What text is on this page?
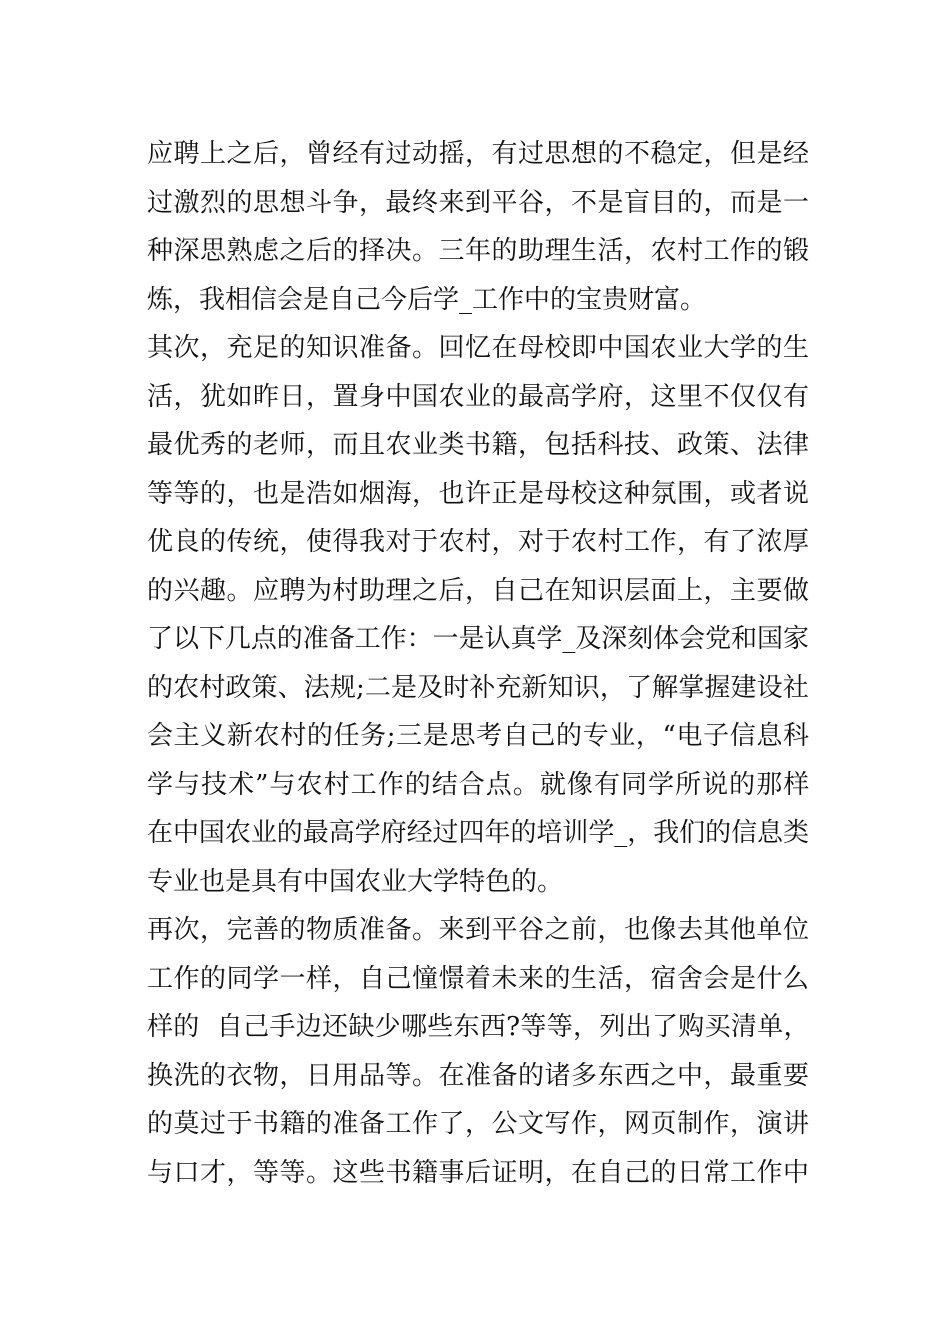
应聘上之后，曾经有过动摇，有过思想的不稳定，但是经
过激烈的思想斗争，最终来到平谷，不是盲目的，而是一
种深思熟虑之后的择决。三年的助理生活，农村工作的锻
炼，我相信会是自己今后学_工作中的宝贵财富。
其次，充足的知识准备。回忆在母校即中国农业大学的生
活，犹如昨日，置身中国农业的最高学府，这里不仅仅有
最优秀的老师，而且农业类书籍，包括科技、政策、法律
等等的，也是浩如烟海，也许正是母校这种氛围，或者说
优良的传统，使得我对于农村，对于农村工作，有了浓厚
的兴趣。应聘为村助理之后，自己在知识层面上，主要做
了以下几点的准备工作：一是认真学_及深刻体会党和国家
的农村政策、法规;二是及时补充新知识，了解掌握建设社
会主义新农村的任务;三是思考自己的专业，“电子信息科
学与技术”与农村工作的结合点。就像有同学所说的那样
在中国农业的最高学府经过四年的培训学_，我们的信息类
专业也是具有中国农业大学特色的。
再次，完善的物质准备。来到平谷之前，也像去其他单位
工作的同学一样，自己憧憬着未来的生活，宿舍会是什么
样的  自己手边还缺少哪些东西?等等，列出了购买清单，
换洗的衣物，日用品等。在准备的诸多东西之中，最重要
的莫过于书籍的准备工作了，公文写作，网页制作，演讲
与口才，等等。这些书籍事后证明，在自己的日常工作中
